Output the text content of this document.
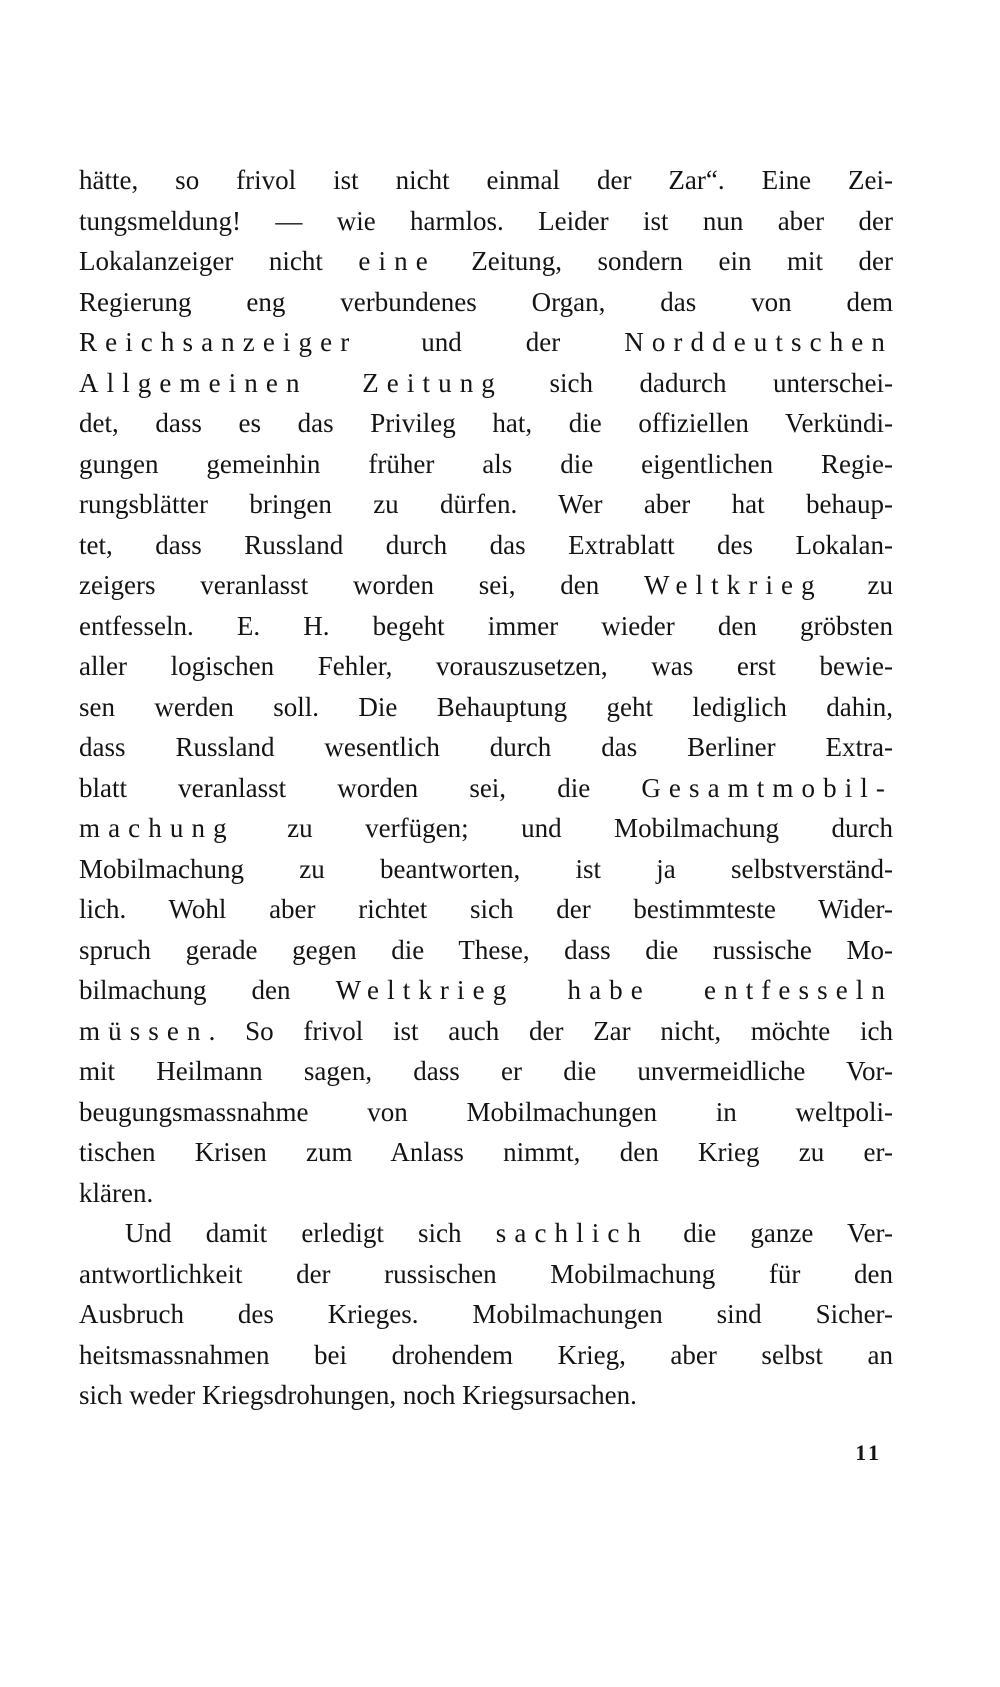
hätte, so frivol ist nicht einmal der Zar“. Eine Zei-
tungsmeldung! — wie harmlos. Leider ist nun aber der
Lokalanzeiger nicht eine Zeitung, sondern ein mit der
Regierung eng verbundenes Organ, das von dem
Reichsanzeiger und der Norddeutschen
Allgemeinen Zeitung sich dadurch unterschei-
det, dass es das Privileg hat, die offiziellen Verkündi-
gungen gemeinhin früher als die eigentlichen Regie-
rungsblätter bringen zu dürfen. Wer aber hat behaup-
tet, dass Russland durch das Extrablatt des Lokalan-
zeigers veranlasst worden sei, den Weltkrieg zu
entfesseln. E. H. begeht immer wieder den gröbsten
aller logischen Fehler, vorauszusetzen, was erst bewie-
sen werden soll. Die Behauptung geht lediglich dahin,
dass Russland wesentlich durch das Berliner Extra-
blatt veranlasst worden sei, die Gesamtmobil-
machung zu verfügen; und Mobilmachung durch
Mobilmachung zu beantworten, ist ja selbstverständ-
lich. Wohl aber richtet sich der bestimmteste Wider-
spruch gerade gegen die These, dass die russische Mo-
bilmachung den Weltkrieg habe entfesseln
müssen. So frivol ist auch der Zar nicht, möchte ich
mit Heilmann sagen, dass er die unvermeidliche Vor-
beugungsmassnahme von Mobilmachungen in weltpoli-
tischen Krisen zum Anlass nimmt, den Krieg zu er-
klären.
Und damit erledigt sich sachlich die ganze Ver-
antwortlichkeit der russischen Mobilmachung für den
Ausbruch des Krieges. Mobilmachungen sind Sicher-
heitsmassnahmen bei drohendem Krieg, aber selbst an
sich weder Kriegsdrohungen, noch Kriegsursachen.
11
